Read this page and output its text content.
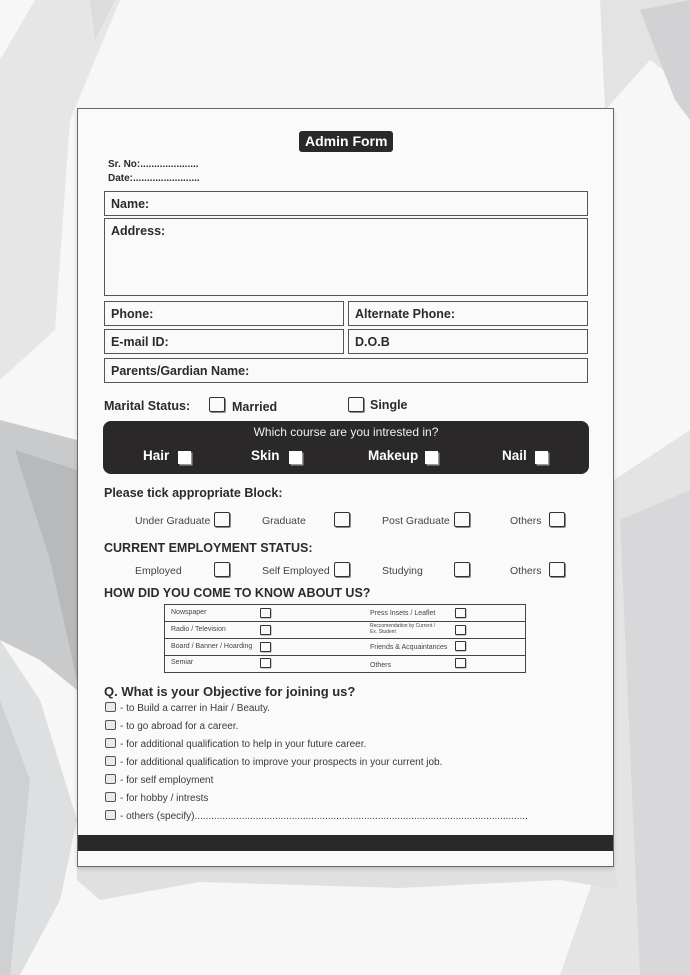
Admin Form
Sr. No:.....................
Date:........................
Name:
Address:
Phone:	Alternate Phone:
E-mail ID:	D.O.B
Parents/Gardian Name:
Marital Status:	Married	Single
Which course are you intrested in?
Hair	Skin	Makeup	Nail
Please tick appropriate Block:
Under Graduate	Graduate	Post Graduate	Others
CURRENT EMPLOYMENT STATUS:
Employed	Self Employed	Studying	Others
HOW DID YOU COME TO KNOW ABOUT US?
Nowspaper	Press Insets / Leaflet
Radio / Television	Reccomendation by Current /
Ex. Student
Board / Banner / Hoarding	Friends & Acquaintances
Semiar	Others
Q. What is your Objective for joining us?
- to Build a carrer in Hair / Beauty.
- to go abroad for a career.
- for additional qualification to help in your future career.
- for additional qualification to improve your prospects in your current job.
- for self employment
- for hobby / intrests
- others (specify)........................................................................................................................
